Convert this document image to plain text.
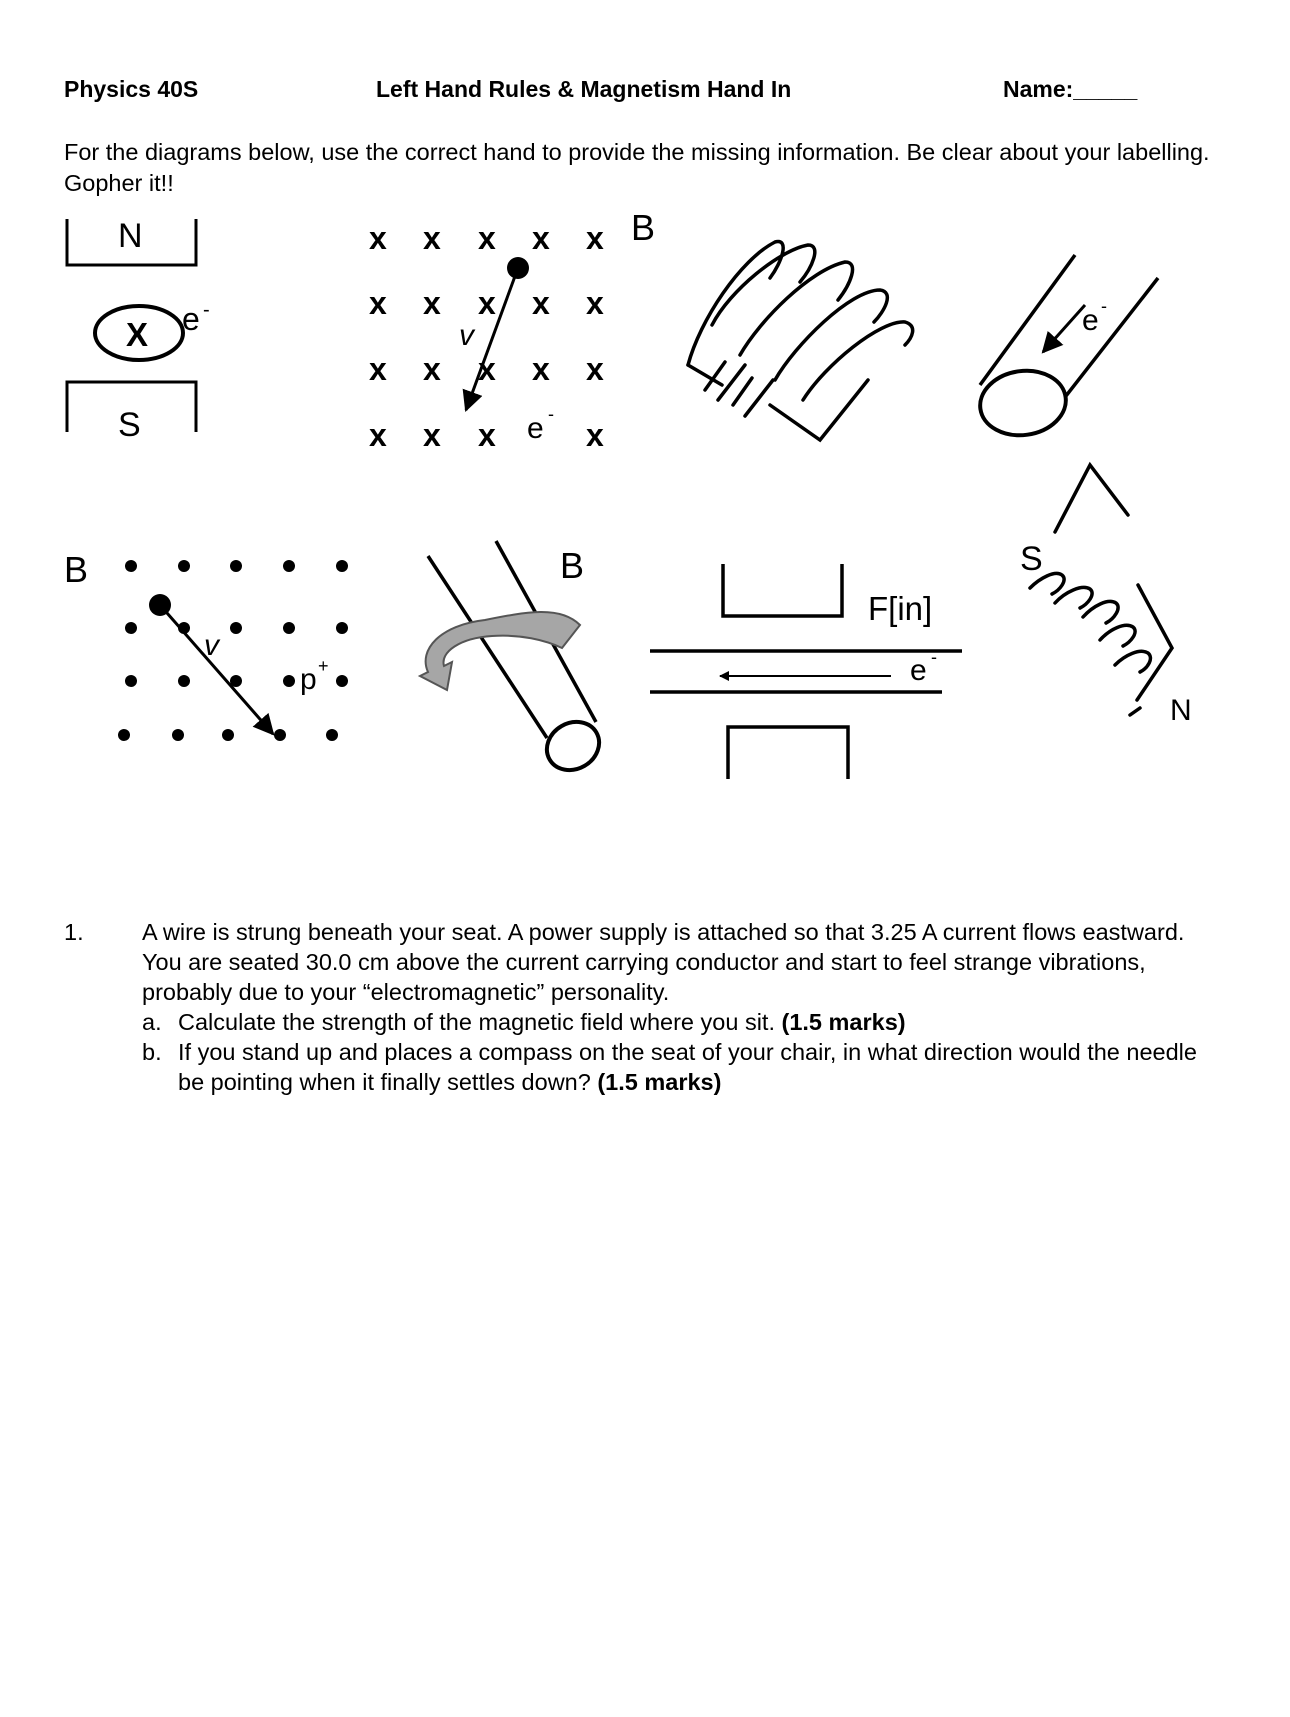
Physics 40S	Left Hand Rules & Magnetism Hand In	Name:_____
For the diagrams below, use the correct hand to provide the missing information. Be clear about your labelling. Gopher it!!
N
S
X e -
x x x x x
x x x x x
x x x x x
x x x	x
B
v
e -
e -
B
v
p +
B
F[in]
e -
S
N
1. A wire is strung beneath your seat. A power supply is attached so that 3.25 A current flows eastward. You are seated 30.0 cm above the current carrying conductor and start to feel strange vibrations, probably due to your “electromagnetic” personality.
a. Calculate the strength of the magnetic field where you sit. (1.5 marks)
b. If you stand up and places a compass on the seat of your chair, in what direction would the needle be pointing when it finally settles down? (1.5 marks)
